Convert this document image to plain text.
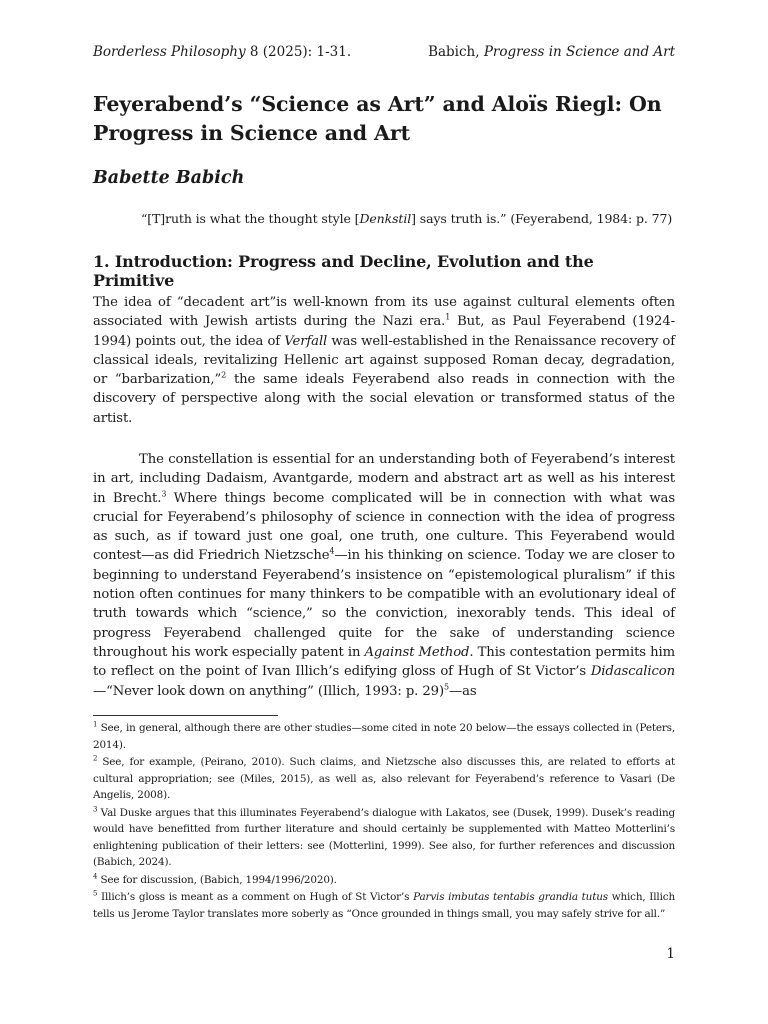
Borderless Philosophy 8 (2025): 1-31.	Babich, Progress in Science and Art
Feyerabend’s “Science as Art” and Aloïs Riegl: On Progress in Science and Art

Babette Babich

“[T]ruth is what the thought style [Denkstil] says truth is.” (Feyerabend, 1984: p. 77)

1. Introduction: Progress and Decline, Evolution and the Primitive

The idea of “decadent art”is well-known from its use against cultural elements often associated with Jewish artists during the Nazi era.$^1$ But, as Paul Feyerabend (1924-1994) points out, the idea of Verfall was well-established in the Renaissance recovery of classical ideals, revitalizing Hellenic art against supposed Roman decay, degradation, or “barbarization,”$^2$ the same ideals Feyerabend also reads in connection with the discovery of perspective along with the social elevation or transformed status of the artist.

The constellation is essential for an understanding both of Feyerabend’s interest in art, including Dadaism, Avantgarde, modern and abstract art as well as his interest in Brecht.$^3$ Where things become complicated will be in connection with what was crucial for Feyerabend’s philosophy of science in connection with the idea of progress as such, as if toward just one goal, one truth, one culture. This Feyerabend would contest—as did Friedrich Nietzsche$^4$—in his thinking on science. Today we are closer to beginning to understand Feyerabend’s insistence on “epistemological pluralism” if this notion often continues for many thinkers to be compatible with an evolutionary ideal of truth towards which “science,” so the conviction, inexorably tends. This ideal of progress Feyerabend challenged quite for the sake of understanding science throughout his work especially patent in Against Method. This contestation permits him to reflect on the point of Ivan Illich’s edifying gloss of Hugh of St Victor’s Didascalicon—“Never look down on anything” (Illich, 1993: p. 29)$^5$—as

$^1$ See, in general, although there are other studies—some cited in note 20 below—the essays collected in (Peters, 2014).

$^2$ See, for example, (Peirano, 2010). Such claims, and Nietzsche also discusses this, are related to efforts at cultural appropriation; see (Miles, 2015), as well as, also relevant for Feyerabend’s reference to Vasari (De Angelis, 2008).

$^3$ Val Duske argues that this illuminates Feyerabend’s dialogue with Lakatos, see (Dusek, 1999). Dusek’s reading would have benefitted from further literature and should certainly be supplemented with Matteo Motterlini’s enlightening publication of their letters: see (Motterlini, 1999). See also, for further references and discussion (Babich, 2024).

$^4$ See for discussion, (Babich, 1994/1996/2020).

$^5$ Illich’s gloss is meant as a comment on Hugh of St Victor’s Parvis imbutas tentabis grandia tutus which, Illich tells us Jerome Taylor translates more soberly as “Once grounded in things small, you may safely strive for all.”

1
